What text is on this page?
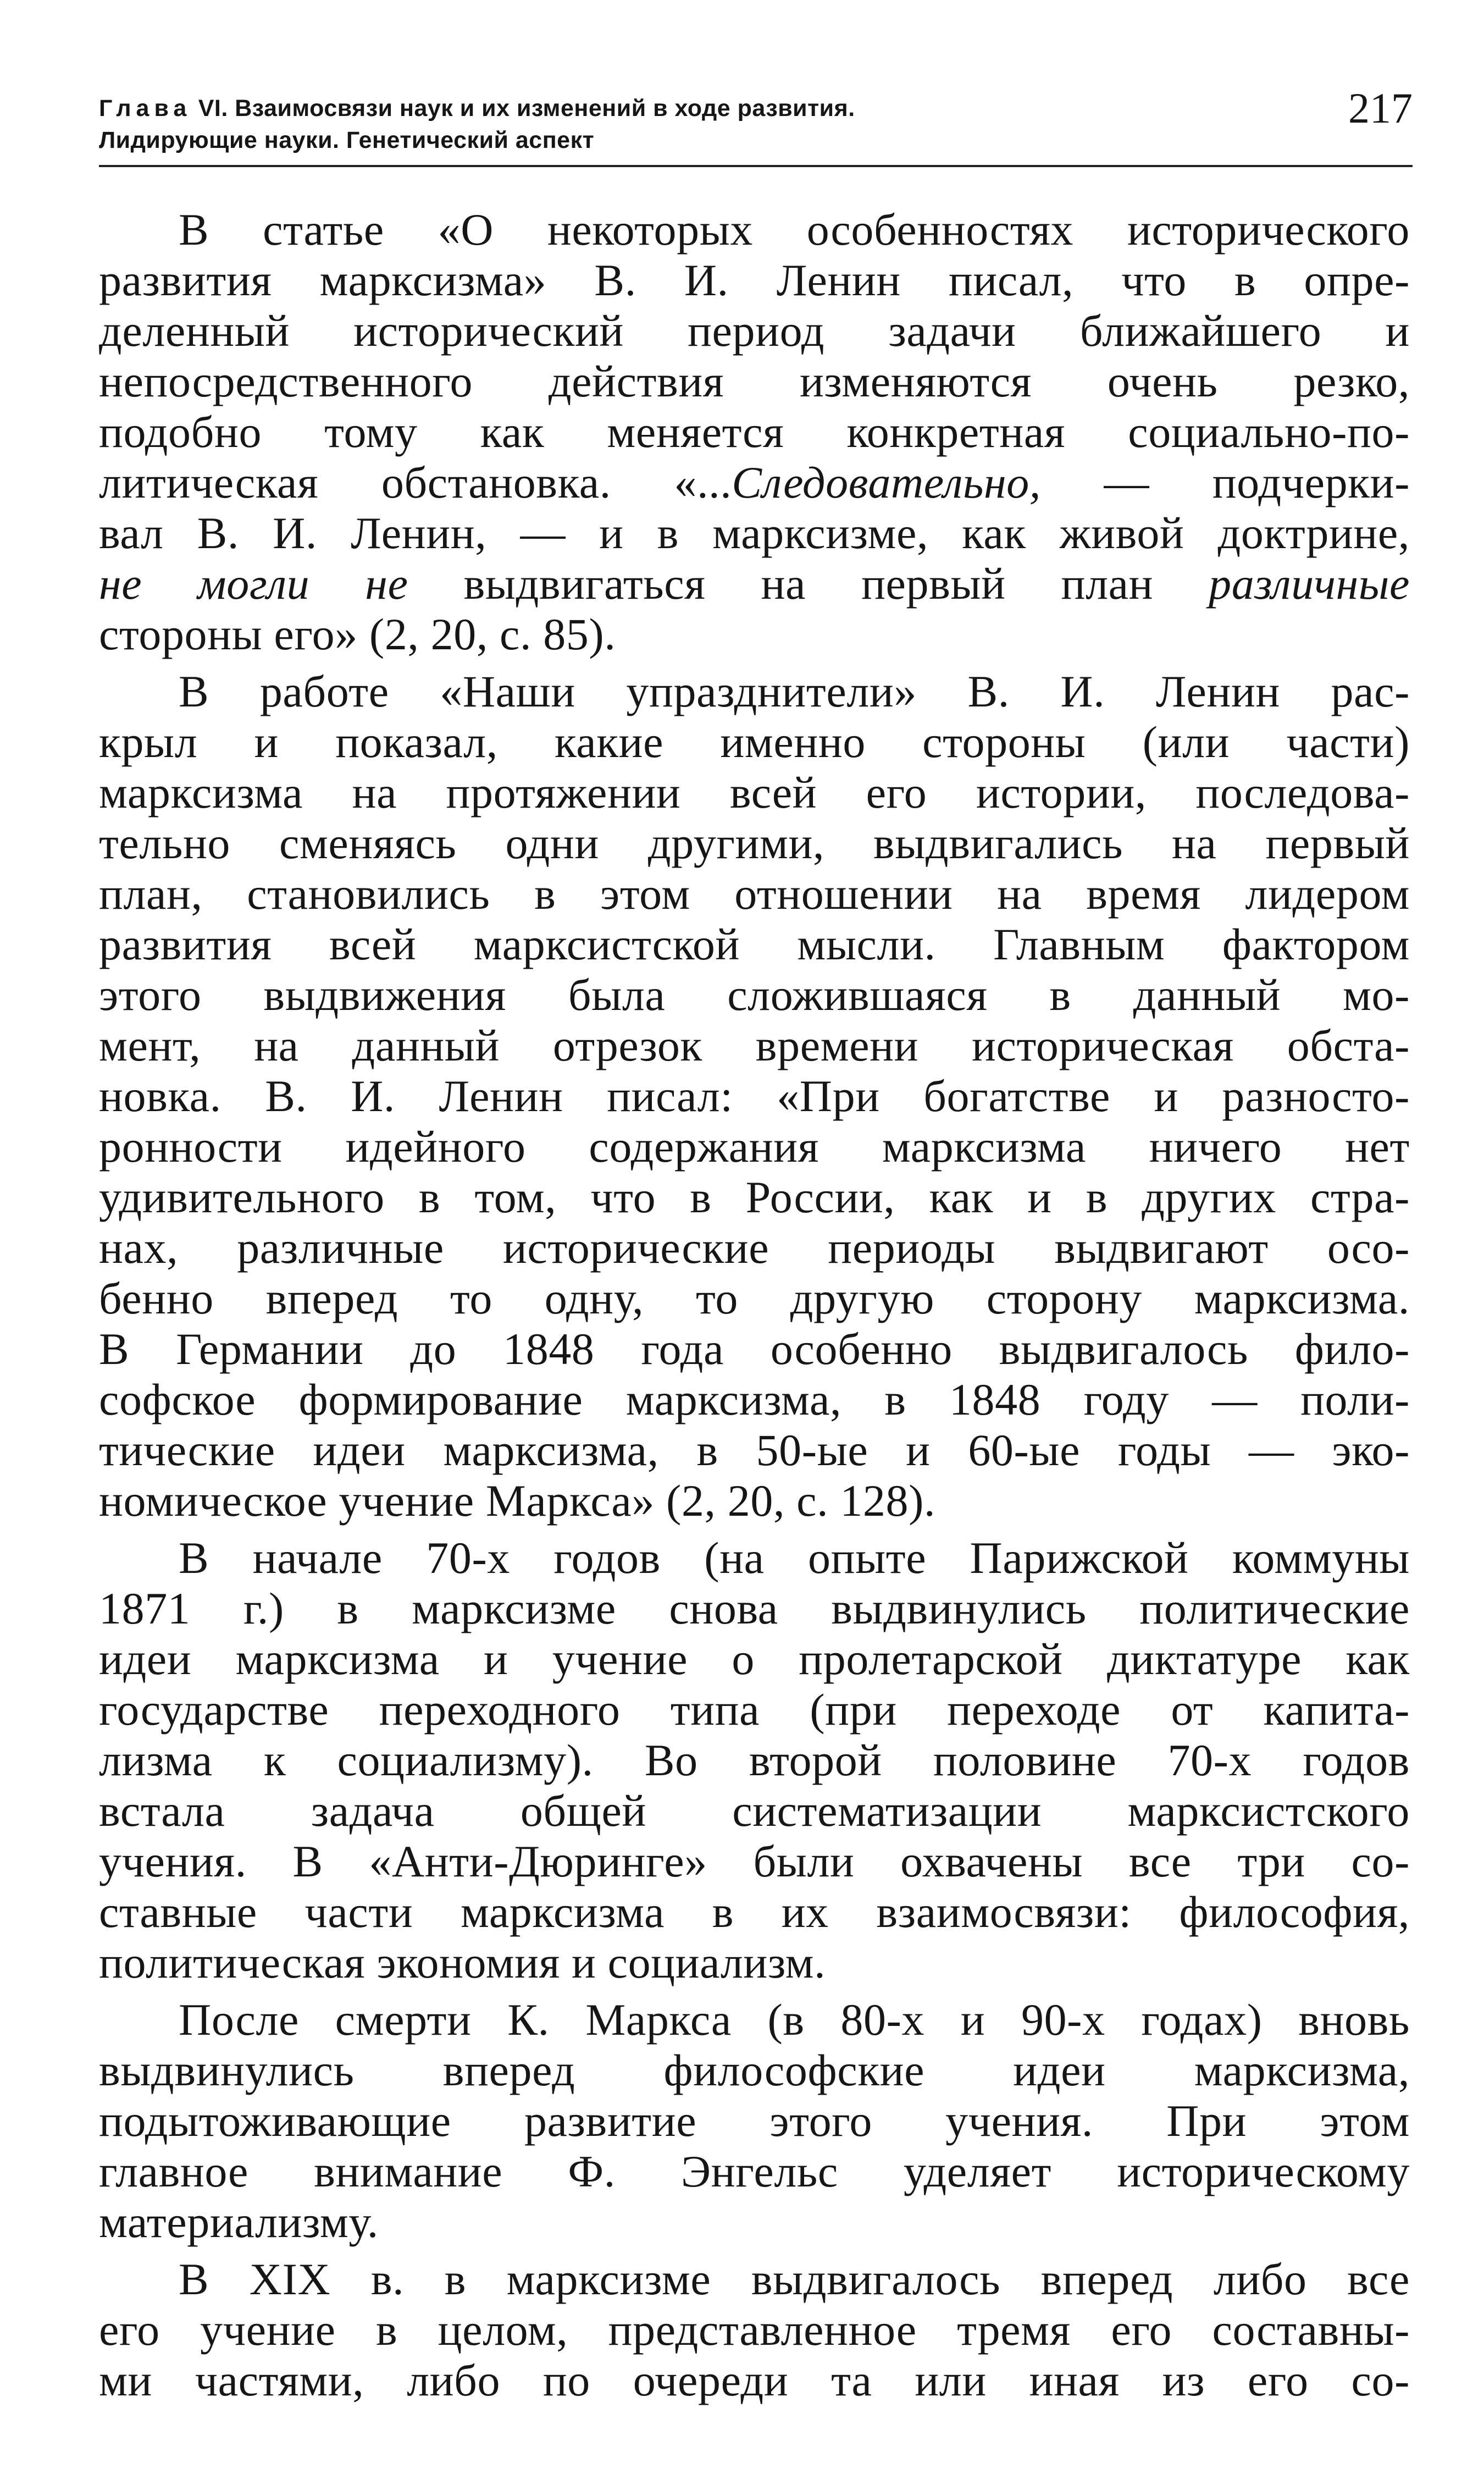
Глава VI. Взаимосвязи наук и их изменений в ходе развития.
Лидирующие науки. Генетический аспект
217
В статье «О некоторых особенностях исторического
развития марксизма» В. И. Ленин писал, что в опре-
деленный исторический период задачи ближайшего и
непосредственного действия изменяются очень резко,
подобно тому как меняется конкретная социально-по-
литическая обстановка. «...Следовательно, — подчерки-
вал В. И. Ленин, — и в марксизме, как живой доктрине,
не могли не выдвигаться на первый план различные
стороны его» (2, 20, с. 85).
В работе «Наши упразднители» В. И. Ленин рас-
крыл и показал, какие именно стороны (или части)
марксизма на протяжении всей его истории, последова-
тельно сменяясь одни другими, выдвигались на первый
план, становились в этом отношении на время лидером
развития всей марксистской мысли. Главным фактором
этого выдвижения была сложившаяся в данный мо-
мент, на данный отрезок времени историческая обста-
новка. В. И. Ленин писал: «При богатстве и разносто-
ронности идейного содержания марксизма ничего нет
удивительного в том, что в России, как и в других стра-
нах, различные исторические периоды выдвигают осо-
бенно вперед то одну, то другую сторону марксизма.
В Германии до 1848 года особенно выдвигалось фило-
софское формирование марксизма, в 1848 году — поли-
тические идеи марксизма, в 50-ые и 60-ые годы — эко-
номическое учение Маркса» (2, 20, с. 128).
В начале 70-х годов (на опыте Парижской коммуны
1871 г.) в марксизме снова выдвинулись политические
идеи марксизма и учение о пролетарской диктатуре как
государстве переходного типа (при переходе от капита-
лизма к социализму). Во второй половине 70-х годов
встала задача общей систематизации марксистского
учения. В «Анти-Дюринге» были охвачены все три со-
ставные части марксизма в их взаимосвязи: философия,
политическая экономия и социализм.
После смерти К. Маркса (в 80-х и 90-х годах) вновь
выдвинулись вперед философские идеи марксизма,
подытоживающие развитие этого учения. При этом
главное внимание Ф. Энгельс уделяет историческому
материализму.
В XIX в. в марксизме выдвигалось вперед либо все
его учение в целом, представленное тремя его составны-
ми частями, либо по очереди та или иная из его со-
